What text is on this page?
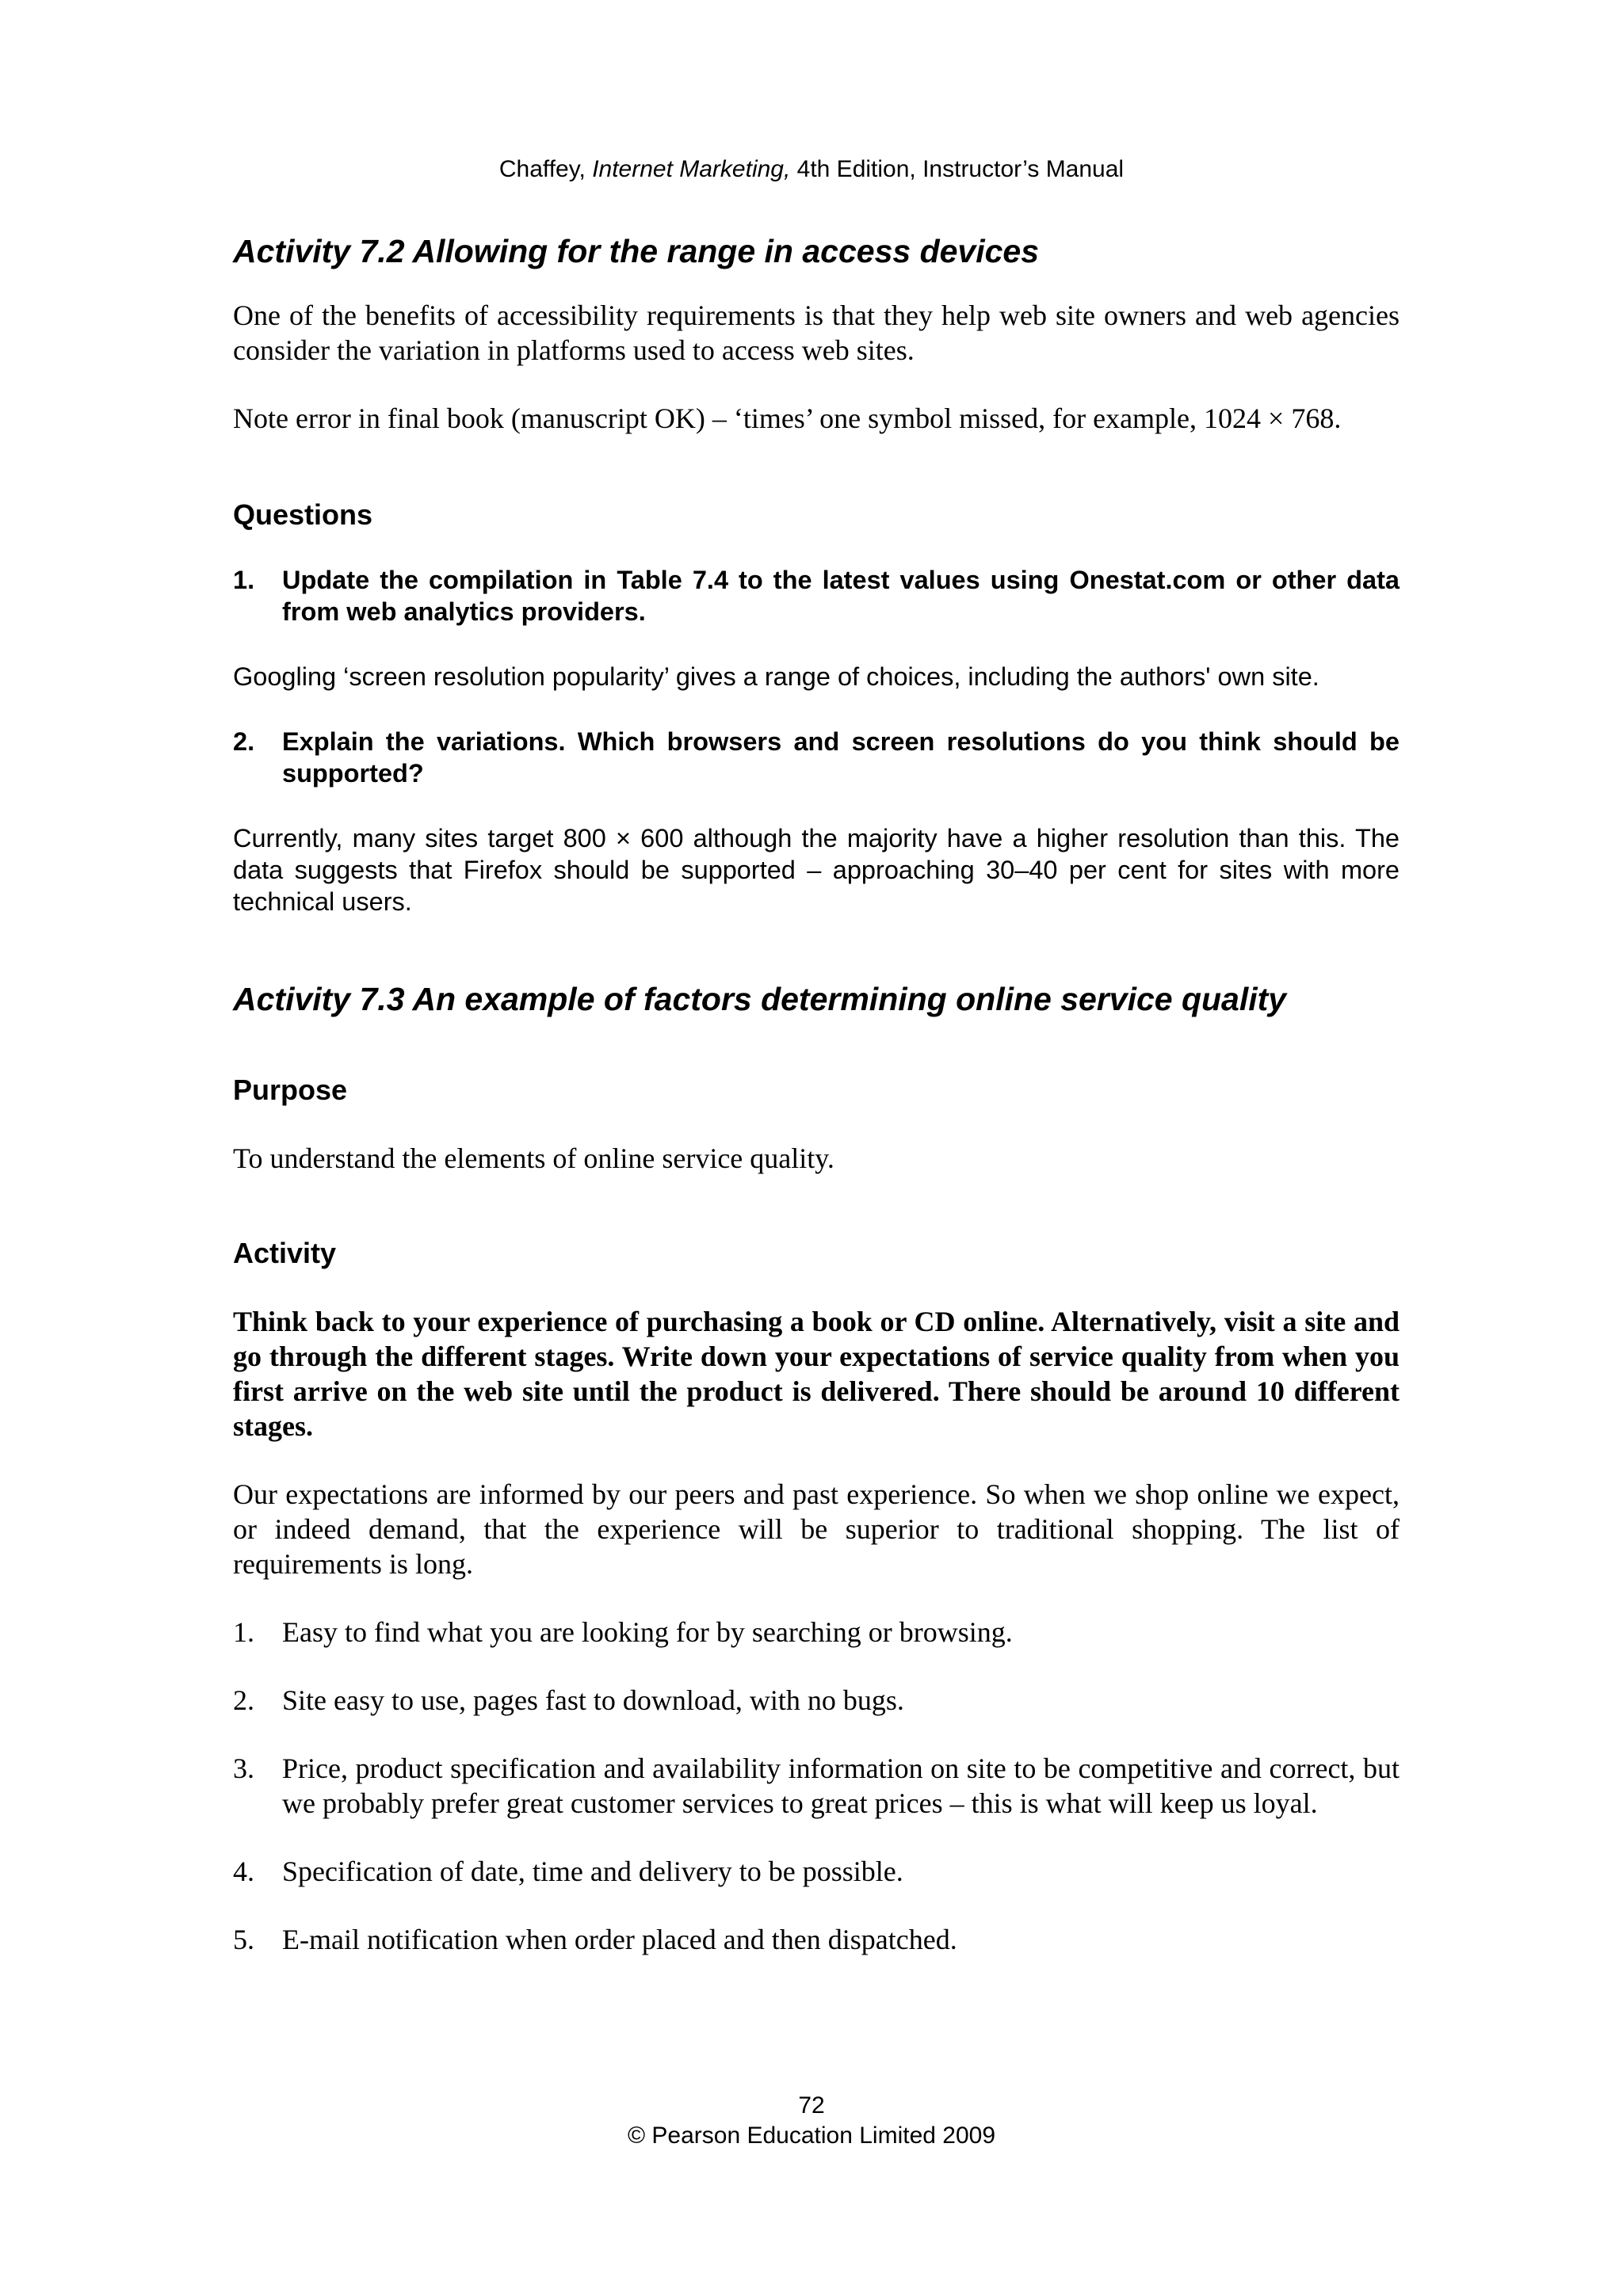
Chaffey, Internet Marketing, 4th Edition, Instructor’s Manual
Activity 7.2 Allowing for the range in access devices

One of the benefits of accessibility requirements is that they help web site owners and web agencies consider the variation in platforms used to access web sites.

Note error in final book (manuscript OK) – ‘times’ one symbol missed, for example, 1024 × 768.

Questions
1.	Update the compilation in Table 7.4 to the latest values using Onestat.com or other data from web analytics providers.

Googling ‘screen resolution popularity’ gives a range of choices, including the authors' own site.

2.	Explain the variations. Which browsers and screen resolutions do you think should be supported?

Currently, many sites target 800 × 600 although the majority have a higher resolution than this. The data suggests that Firefox should be supported – approaching 30–40 per cent for sites with more technical users.

Activity 7.3 An example of factors determining online service quality
Purpose

To understand the elements of online service quality.

Activity

Think back to your experience of purchasing a book or CD online. Alternatively, visit a site and go through the different stages. Write down your expectations of service quality from when you first arrive on the web site until the product is delivered. There should be around 10 different stages.

Our expectations are informed by our peers and past experience. So when we shop online we expect, or indeed demand, that the experience will be superior to traditional shopping. The list of requirements is long.

1. Easy to find what you are looking for by searching or browsing.
2. Site easy to use, pages fast to download, with no bugs.
3. Price, product specification and availability information on site to be competitive and correct, but we probably prefer great customer services to great prices – this is what will keep us loyal.
4. Specification of date, time and delivery to be possible.
5. E-mail notification when order placed and then dispatched.
72
© Pearson Education Limited 2009
